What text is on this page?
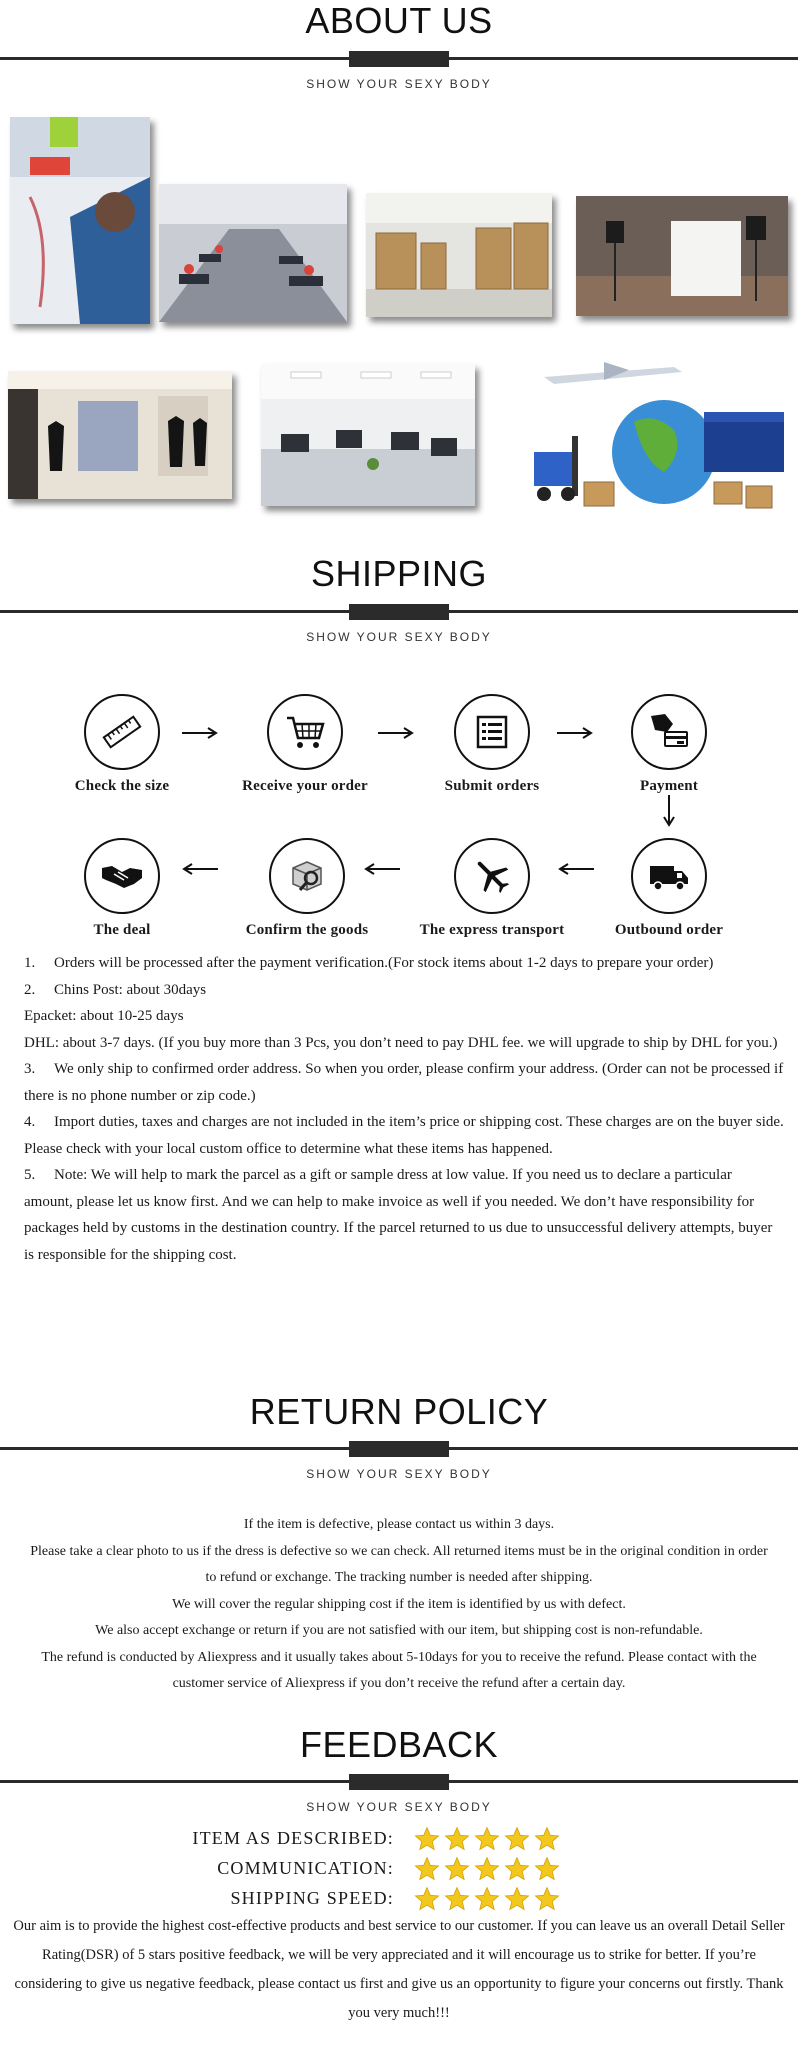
ABOUT US
SHOW YOUR SEXY BODY
SHIPPING
SHOW YOUR SEXY BODY
Check the size	Receive your order	Submit orders	Payment
Outbound order
The express transport
Confirm the goods
The deal

1. Orders will be processed after the payment verification.(For stock items about 1-2 days to prepare your order)

2. Chins Post: about 30days

Epacket: about 10-25 days

DHL: about 3-7 days. (If you buy more than 3 Pcs, you don’t need to pay DHL fee. we will upgrade to ship by DHL for you.)

3. We only ship to confirmed order address. So when you order, please confirm your address. (Order can not be processed if there is no phone number or zip code.)

4. Import duties, taxes and charges are not included in the item’s price or shipping cost. These charges are on the buyer side. Please check with your local custom office to determine what these items has happened.

5. Note: We will help to mark the parcel as a gift or sample dress at low value. If you need us to declare a particular amount, please let us know first. And we can help to make invoice as well if you needed. We don’t have responsibility for packages held by customs in the destination country. If the parcel returned to us due to unsuccessful delivery attempts, buyer is responsible for the shipping cost.

RETURN POLICY
SHOW YOUR SEXY BODY

If the item is defective, please contact us within 3 days.

Please take a clear photo to us if the dress is defective so we can check. All returned items must be in the original condition in order to refund or exchange. The tracking number is needed after shipping.

We will cover the regular shipping cost if the item is identified by us with defect.

We also accept exchange or return if you are not satisfied with our item, but shipping cost is non-refundable.

The refund is conducted by Aliexpress and it usually takes about 5-10days for you to receive the refund. Please contact with the customer service of Aliexpress if you don’t receive the refund after a certain day.

FEEDBACK
SHOW YOUR SEXY BODY
ITEM AS DESCRIBED:
COMMUNICATION:
SHIPPING SPEED:

Our aim is to provide the highest cost-effective products and best service to our customer. If you can leave us an overall Detail Seller Rating(DSR) of 5 stars positive feedback, we will be very appreciated and it will encourage us to strike for better. If you’re considering to give us negative feedback, please contact us first and give us an opportunity to figure your concerns out firstly. Thank you very much!!!
